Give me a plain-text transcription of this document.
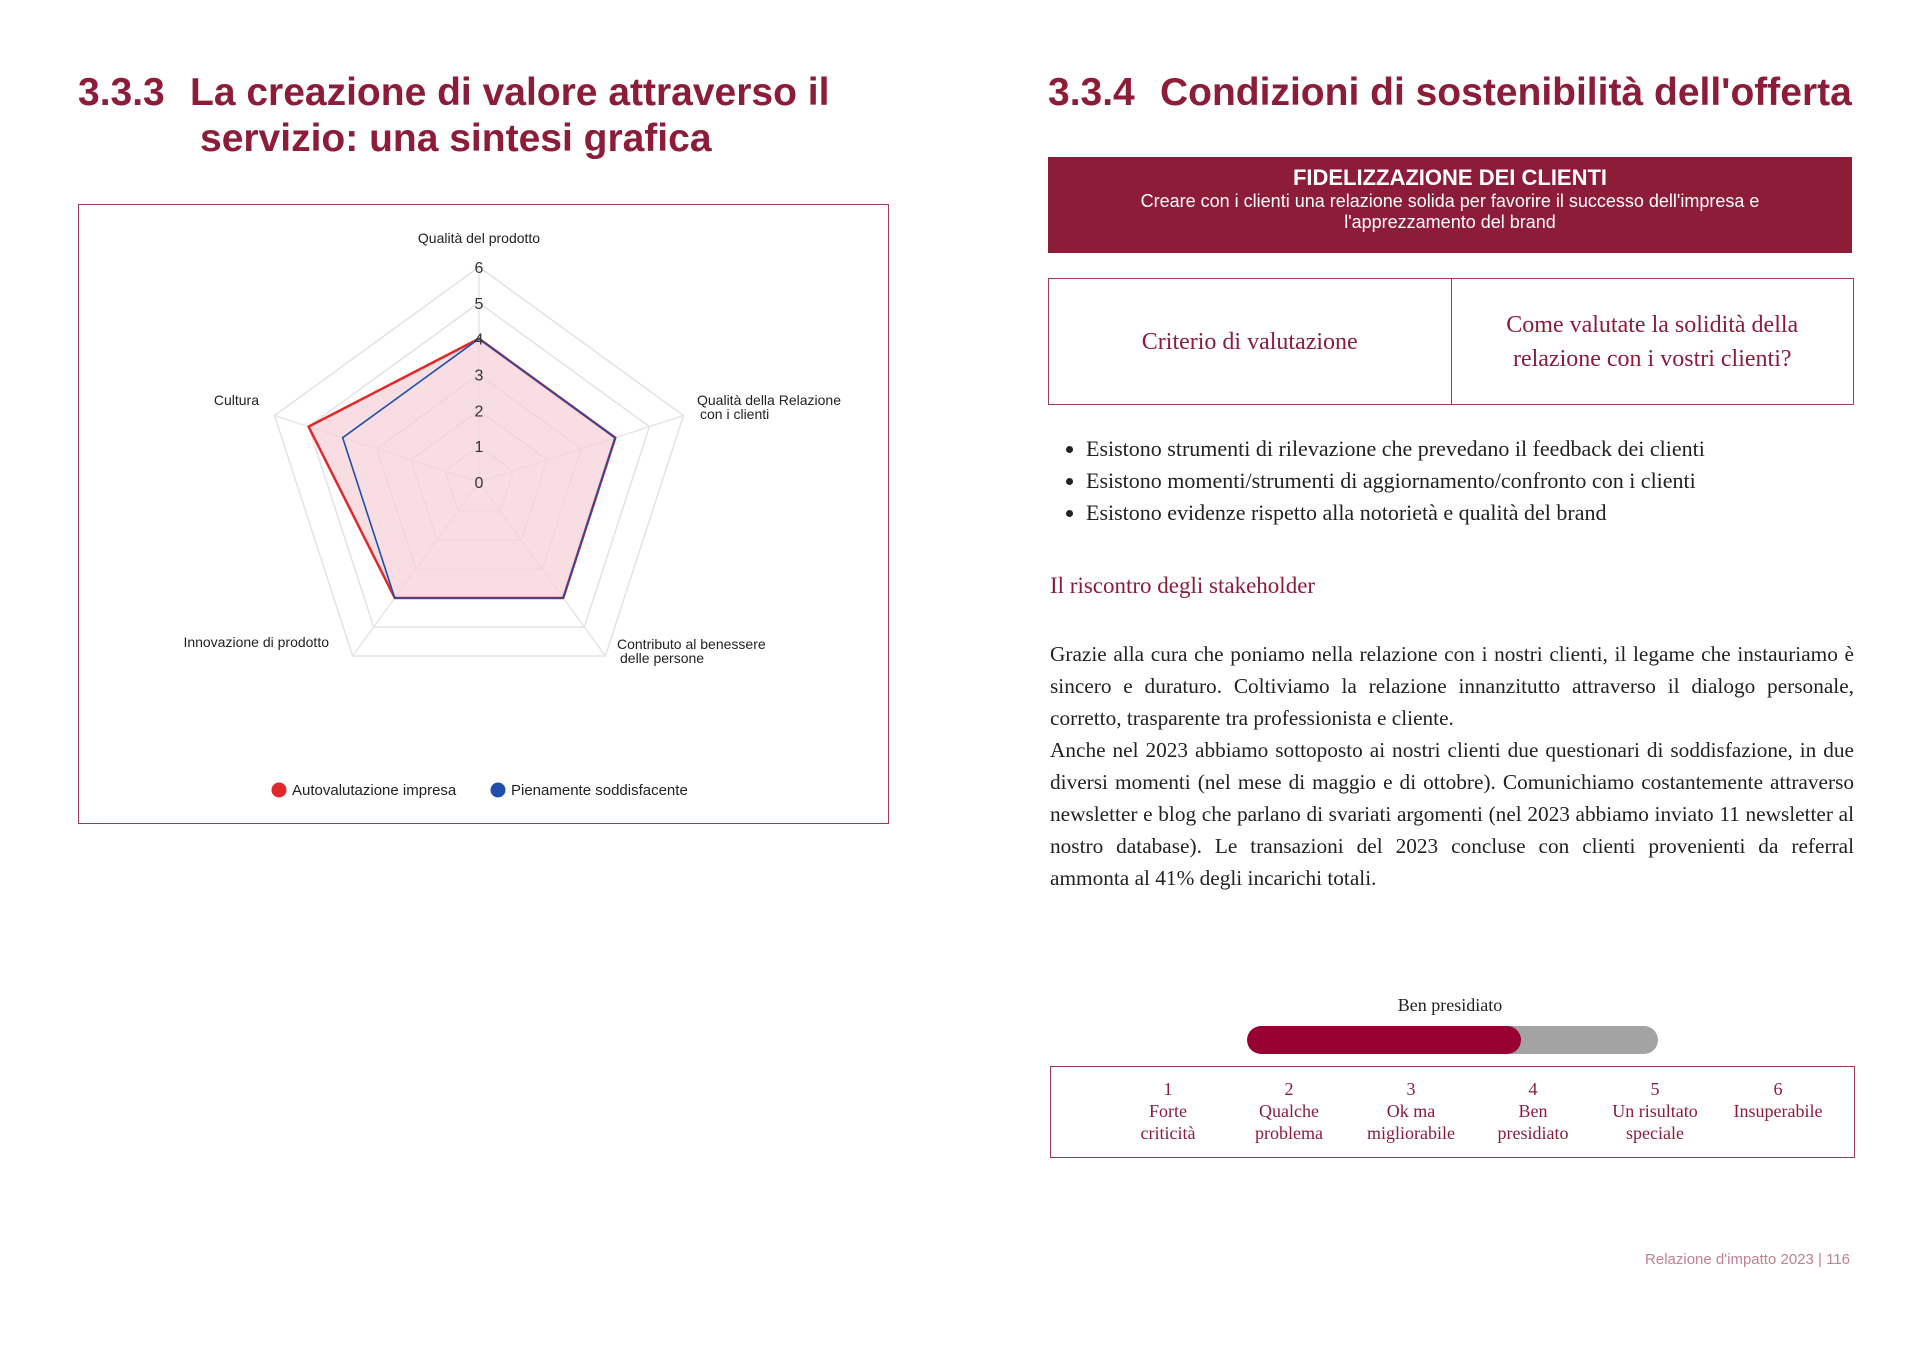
3.3.3 La creazione di valore attraverso il
servizio: una sintesi grafica
0
1
2
3
4
5
6
Qualità del prodotto
Qualità della Relazione
con i clienti
Contributo al benessere
delle persone
Innovazione di prodotto
Cultura
Autovalutazione impresa	Pienamente soddisfacente
3.3.4 Condizioni di sostenibilità dell'offerta
FIDELIZZAZIONE DEI CLIENTI
Creare con i clienti una relazione solida per favorire il successo dell'impresa e l'apprezzamento del brand
Criterio di valutazione
Come valutate la solidità della relazione con i vostri clienti?
• Esistono strumenti di rilevazione che prevedano il feedback dei clienti
• Esistono momenti/strumenti di aggiornamento/confronto con i clienti
• Esistono evidenze rispetto alla notorietà e qualità del brand
Il riscontro degli stakeholder

Grazie alla cura che poniamo nella relazione con i nostri clienti, il legame che instauriamo è sincero e duraturo. Coltiviamo la relazione innanzitutto attraverso il dialogo personale, corretto, trasparente tra professionista e cliente.

Anche nel 2023 abbiamo sottoposto ai nostri clienti due questionari di soddisfazione, in due diversi momenti (nel mese di maggio e di ottobre). Comunichiamo costantemente attraverso newsletter e blog che parlano di svariati argomenti (nel 2023 abbiamo inviato 11 newsletter al nostro database). Le transazioni del 2023 concluse con clienti provenienti da referral ammonta al 41% degli incarichi totali.

Ben presidiato
1
Forte
criticità
2
Qualche
problema
3
Ok ma
migliorabile
4
Ben
presidiato
5
Un risultato
speciale
6
Insuperabile
Relazione d'impatto 2023 | 116
